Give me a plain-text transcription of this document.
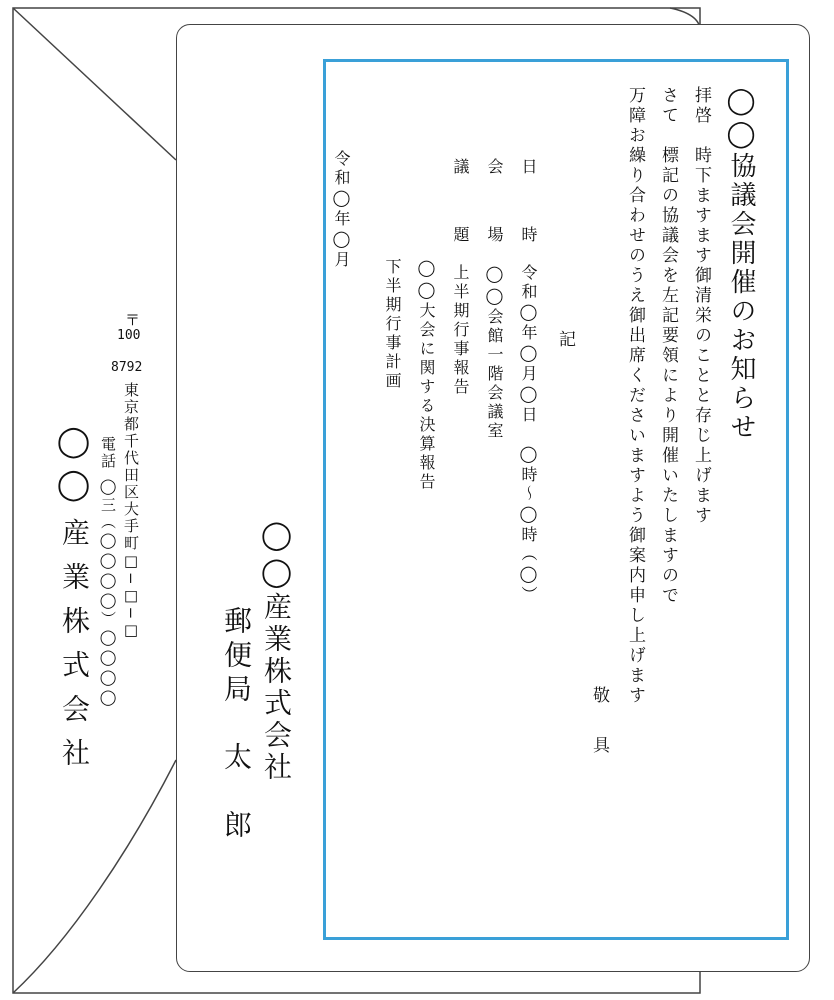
〒
100
8792
東京都千代田区大手町□−□−□
電話 ◯三（◯◯◯◯）◯◯◯◯
◯◯
産業株式会社
◯◯協議会開催のお知らせ
拝啓　時下ますます御清栄のことと存じ上げます
さて　標記の協議会を左記要領により開催いたしますので
万障お繰り合わせのうえ御出席くださいますよう御案内申し上げます
敬　具
記
日　時
令和◯年◯月◯日　◯時〜◯時（◯）
会　場
◯◯会館一階会議室
議　題
上半期行事報告
◯◯大会に関する決算報告
下半期行事計画
令和◯年◯月
◯◯産業株式会社
郵便局　太　郎
